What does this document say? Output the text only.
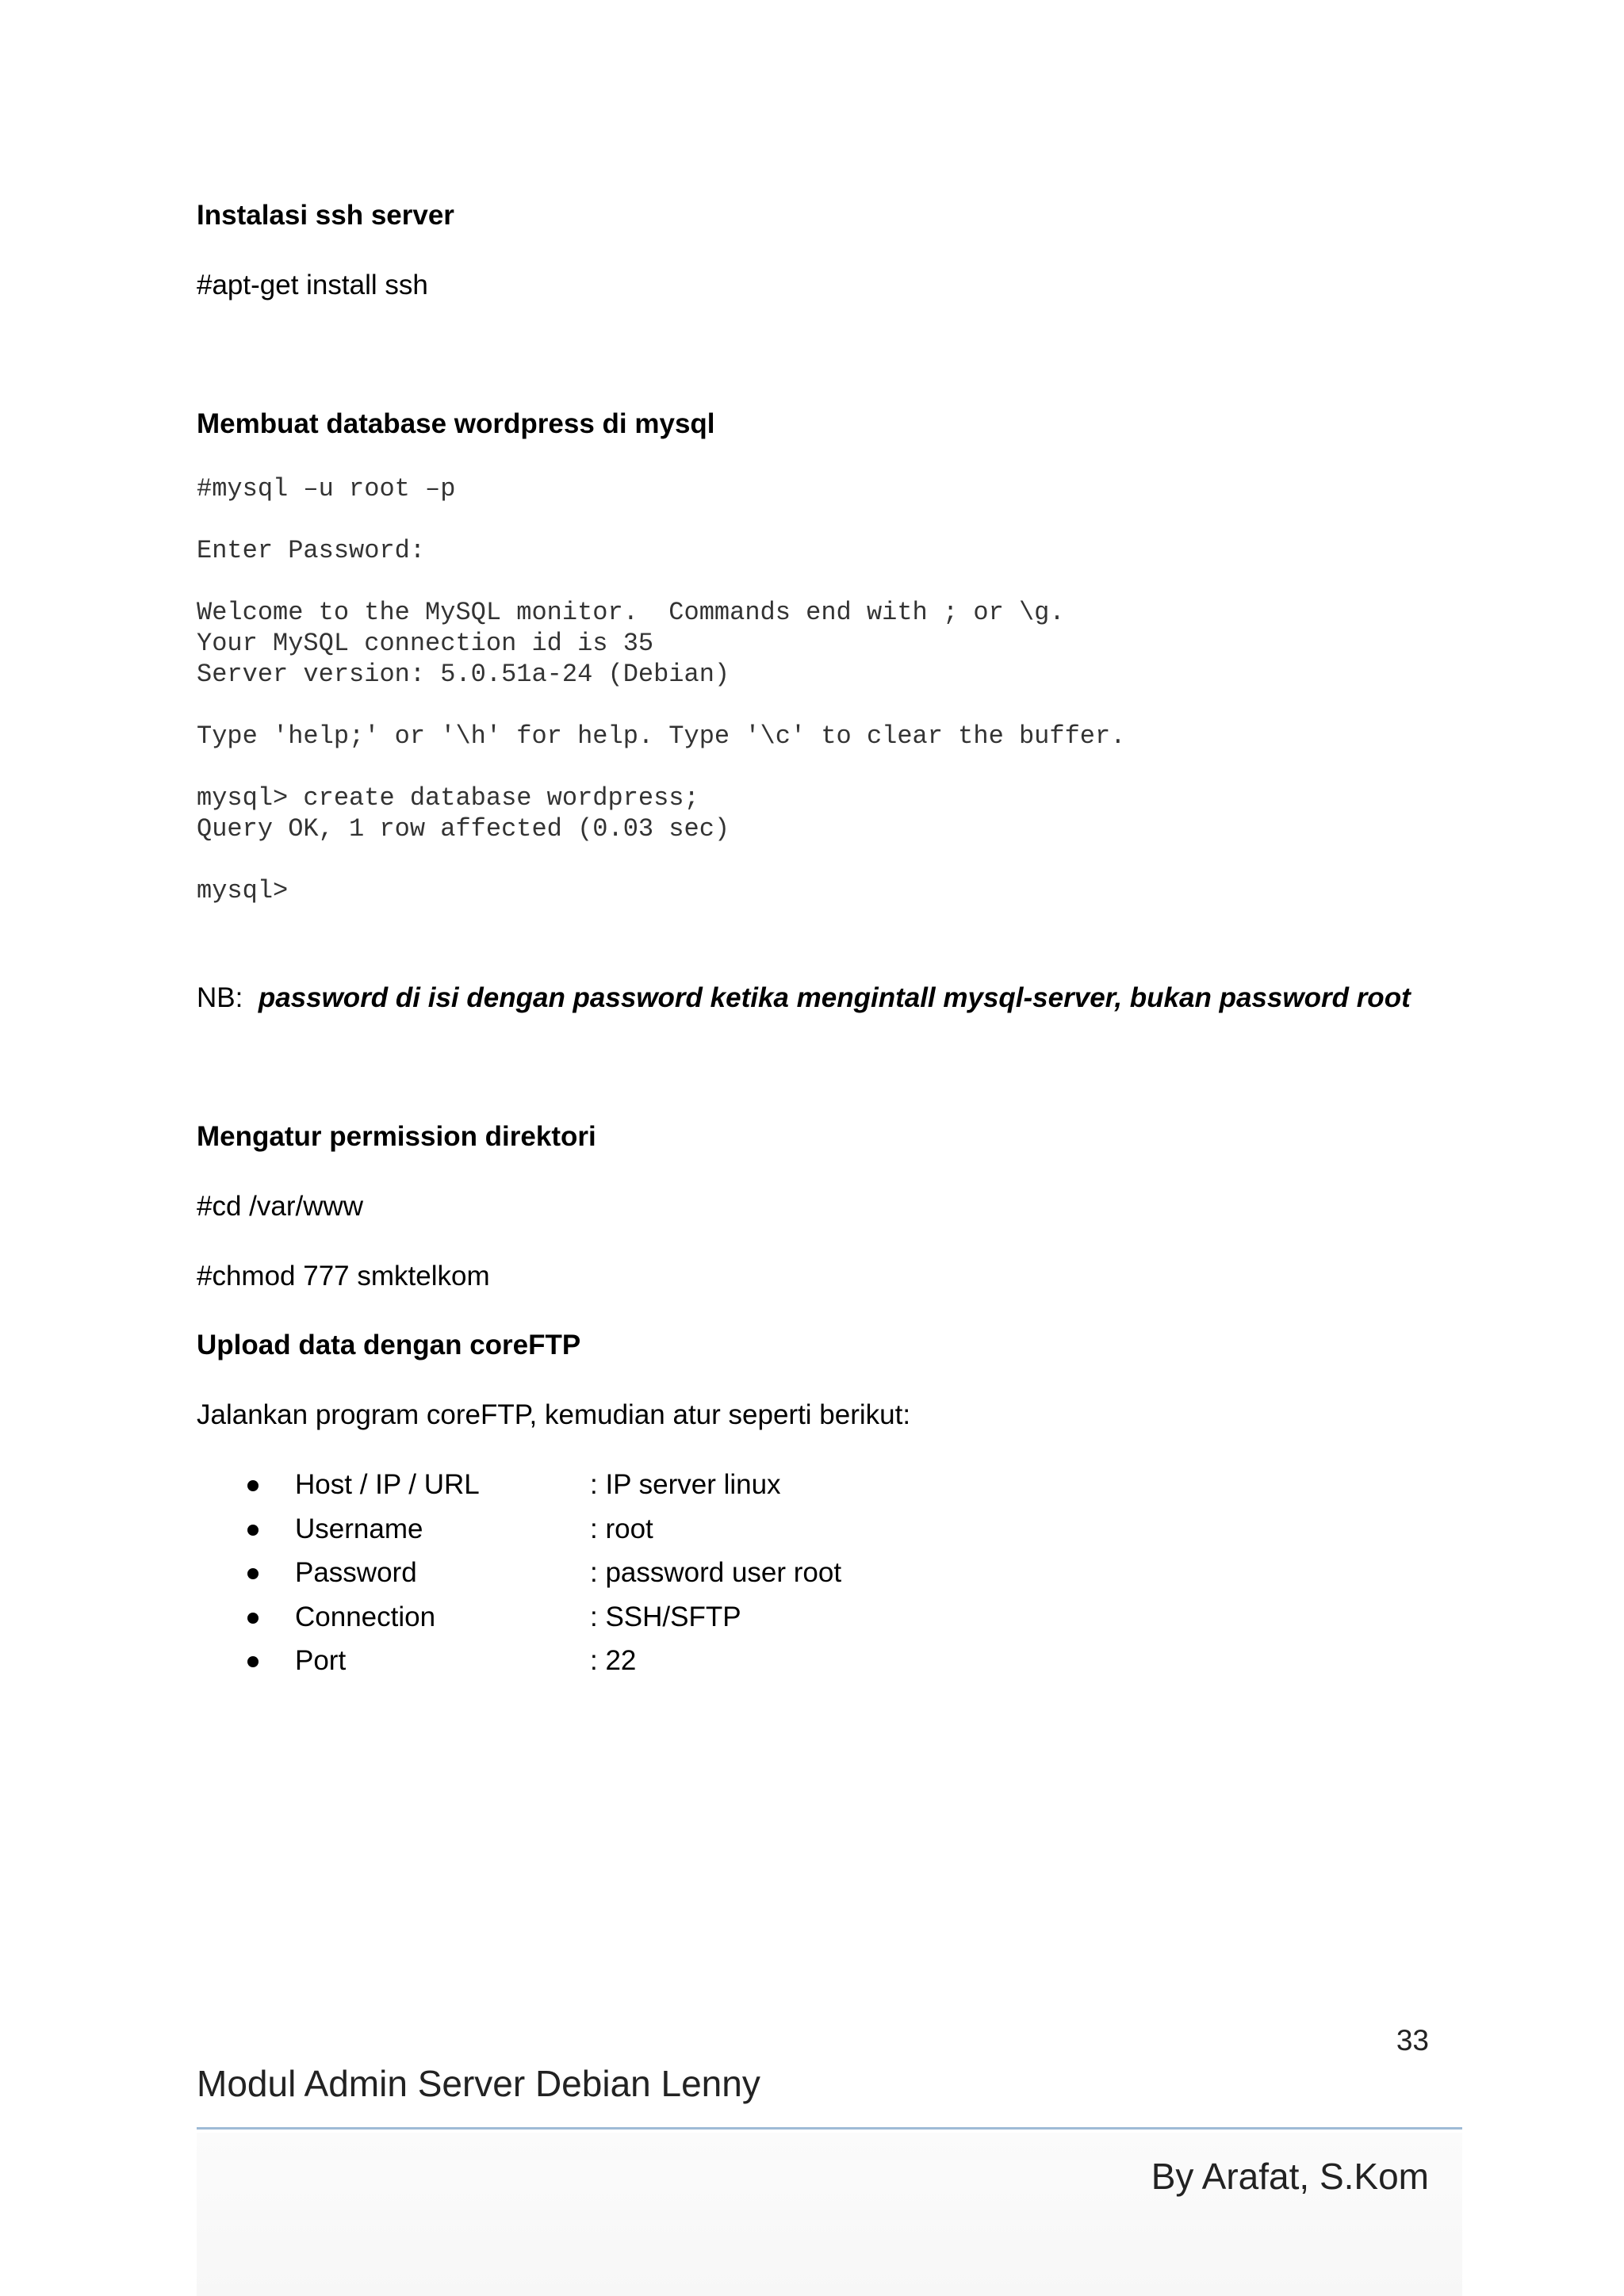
Instalasi ssh server
#apt-get install ssh
Membuat database wordpress di mysql
#mysql –u root –p
Enter Password:
Welcome to the MySQL monitor.  Commands end with ; or \g.
Your MySQL connection id is 35
Server version: 5.0.51a-24 (Debian)
Type 'help;' or '\h' for help. Type '\c' to clear the buffer.
mysql> create database wordpress;
Query OK, 1 row affected (0.03 sec)
mysql>
NB: password di isi dengan password ketika mengintall mysql-server, bukan password root
Mengatur permission direktori
#cd /var/www
#chmod 777 smktelkom
Upload data dengan coreFTP
Jalankan program coreFTP, kemudian atur seperti berikut:
Host / IP / URL	: IP server linux
Username	: root
Password	: password user root
Connection	: SSH/SFTP
Port	: 22
33
Modul Admin Server Debian Lenny
By Arafat, S.Kom
